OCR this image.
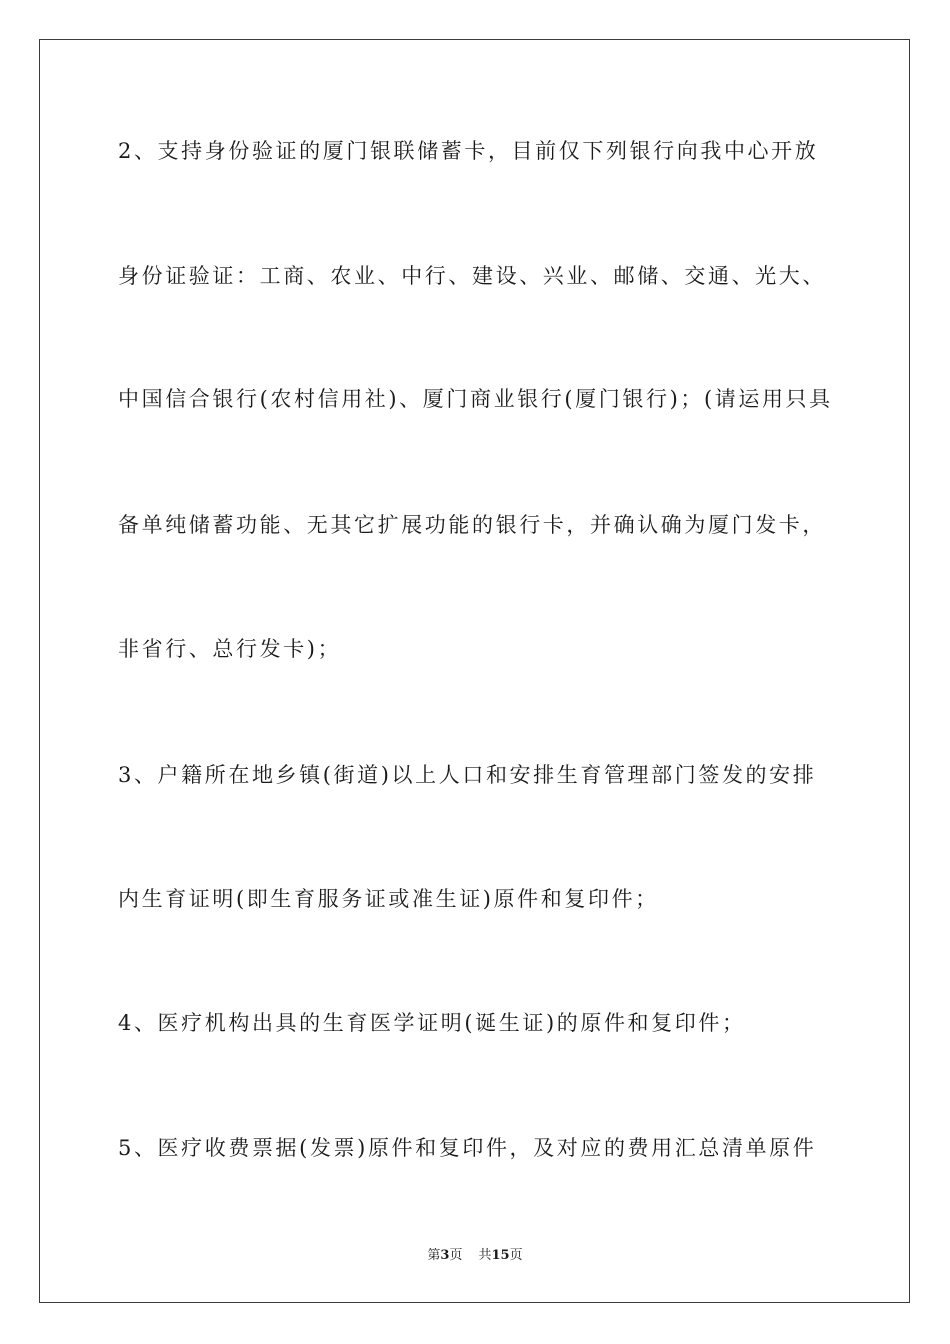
2、支持身份验证的厦门银联储蓄卡，目前仅下列银行向我中心开放
身份证验证：工商、农业、中行、建设、兴业、邮储、交通、光大、
中国信合银行(农村信用社)、厦门商业银行(厦门银行)；(请运用只具
备单纯储蓄功能、无其它扩展功能的银行卡，并确认确为厦门发卡，
非省行、总行发卡)；
3、户籍所在地乡镇(街道)以上人口和安排生育管理部门签发的安排
内生育证明(即生育服务证或准生证)原件和复印件；
4、医疗机构出具的生育医学证明(诞生证)的原件和复印件；
5、医疗收费票据(发票)原件和复印件，及对应的费用汇总清单原件
第3页 共15页
